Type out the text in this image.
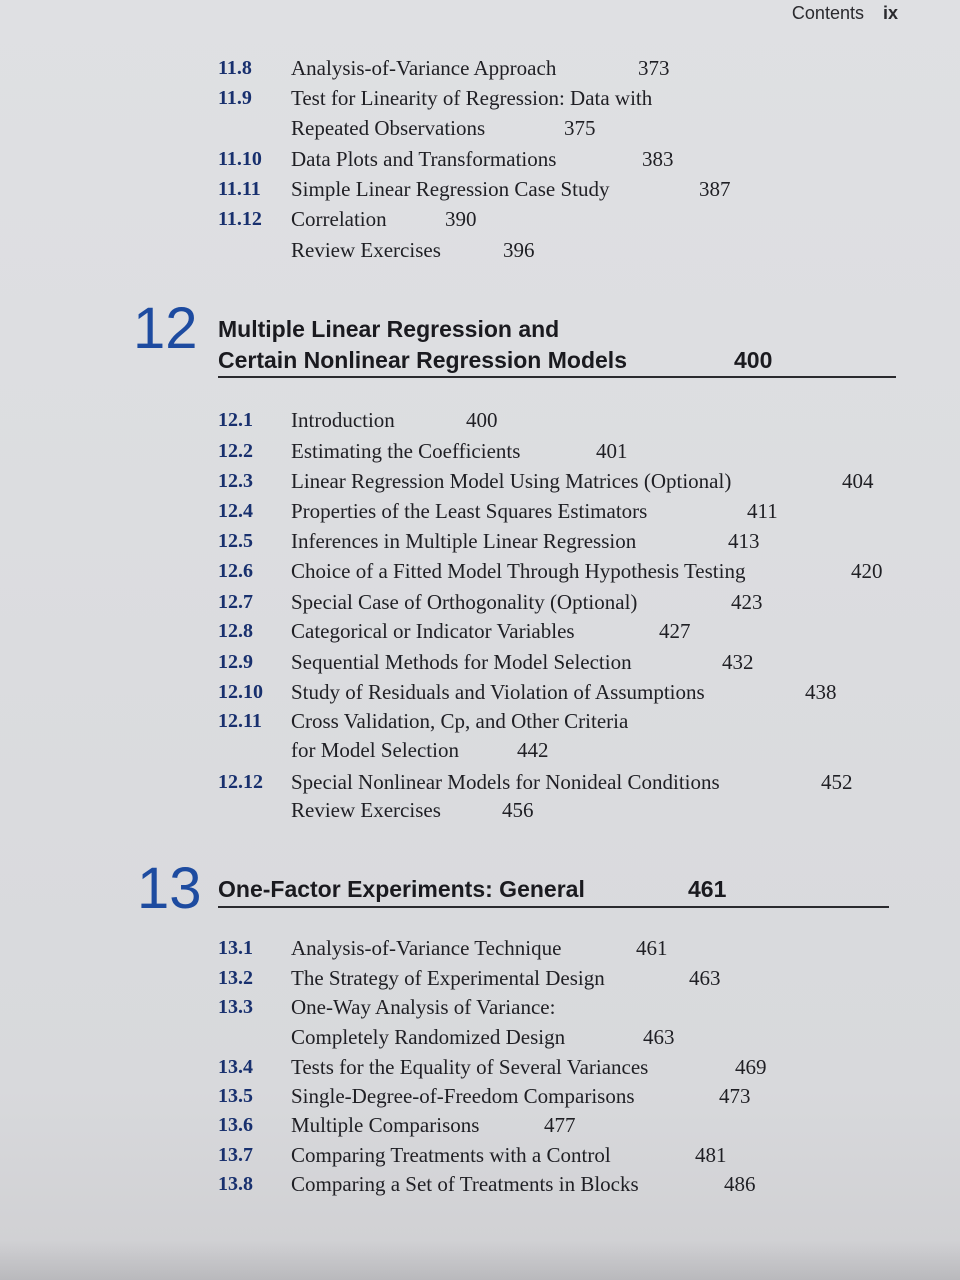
Contents ix
11.8	Analysis-of-Variance Approach	373
11.9	Test for Linearity of Regression: Data with
Repeated Observations	375
11.10	Data Plots and Transformations	383
11.11	Simple Linear Regression Case Study	387
11.12	Correlation	390
Review Exercises	396
12 Multiple Linear Regression and
Certain Nonlinear Regression Models	400
12.1	Introduction	400
12.2	Estimating the Coefficients	401
12.3	Linear Regression Model Using Matrices (Optional)	404
12.4	Properties of the Least Squares Estimators	411
12.5	Inferences in Multiple Linear Regression	413
12.6	Choice of a Fitted Model Through Hypothesis Testing	420
12.7	Special Case of Orthogonality (Optional)	423
12.8	Categorical or Indicator Variables	427
12.9	Sequential Methods for Model Selection	432
12.10	Study of Residuals and Violation of Assumptions	438
12.11	Cross Validation, Cp, and Other Criteria
for Model Selection	442
12.12	Special Nonlinear Models for Nonideal Conditions	452
Review Exercises	456
13 One-Factor Experiments: General	461
13.1	Analysis-of-Variance Technique	461
13.2	The Strategy of Experimental Design	463
13.3	One-Way Analysis of Variance:
Completely Randomized Design	463
13.4	Tests for the Equality of Several Variances	469
13.5	Single-Degree-of-Freedom Comparisons	473
13.6	Multiple Comparisons	477
13.7	Comparing Treatments with a Control	481
13.8	Comparing a Set of Treatments in Blocks	486
